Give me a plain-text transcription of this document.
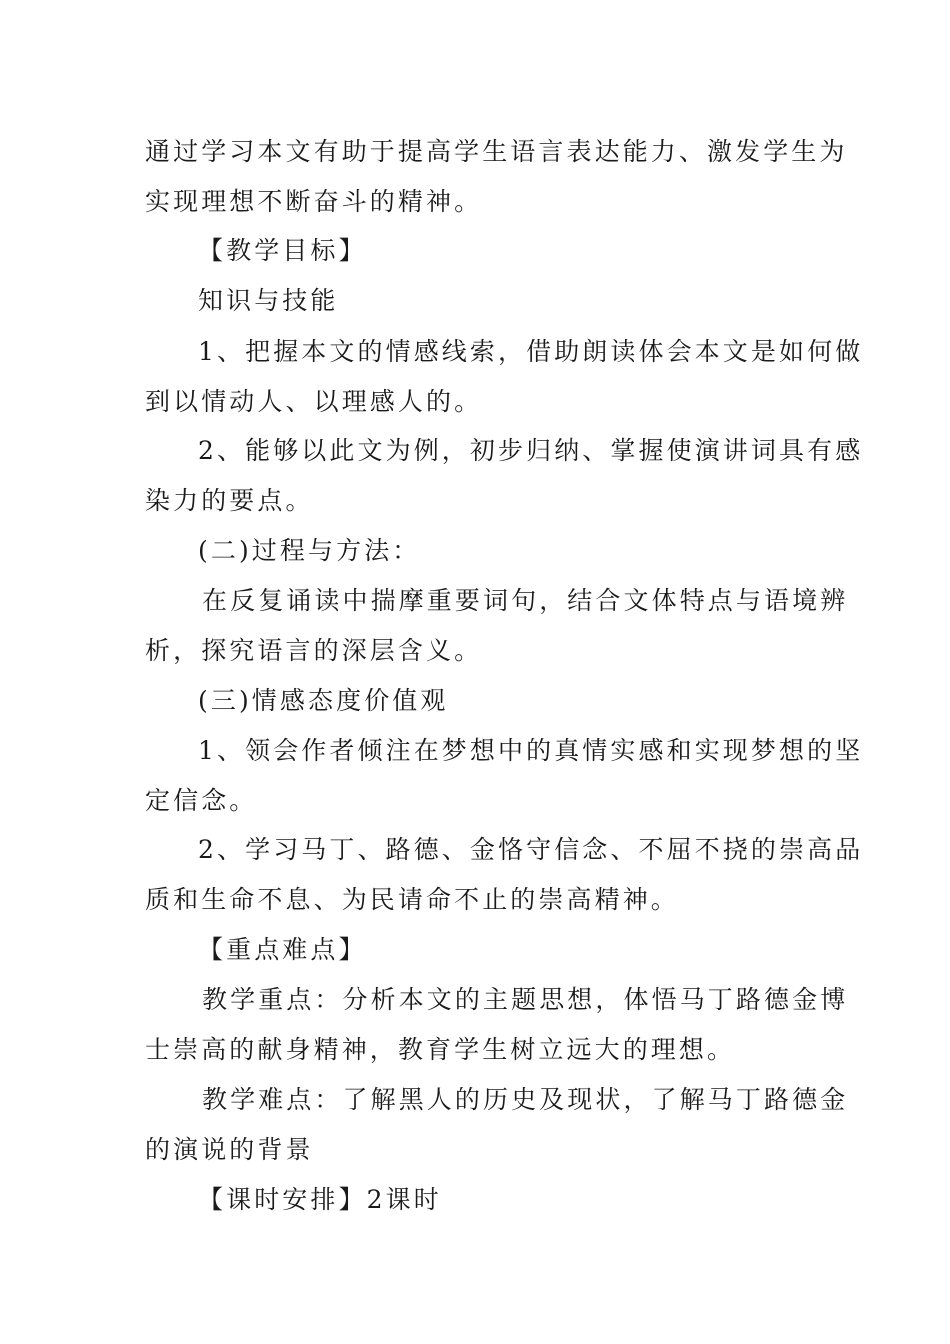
通过学习本文有助于提高学生语言表达能力、激发学生为
实现理想不断奋斗的精神。
【教学目标】
知识与技能
1、把握本文的情感线索，借助朗读体会本文是如何做
到以情动人、以理感人的。
2、能够以此文为例，初步归纳、掌握使演讲词具有感
染力的要点。
(二)过程与方法：
在反复诵读中揣摩重要词句，结合文体特点与语境辨
析，探究语言的深层含义。
(三)情感态度价值观
1、领会作者倾注在梦想中的真情实感和实现梦想的坚
定信念。
2、学习马丁、路德、金恪守信念、不屈不挠的崇高品
质和生命不息、为民请命不止的崇高精神。
【重点难点】
教学重点：分析本文的主题思想，体悟马丁路德金博
士崇高的献身精神，教育学生树立远大的理想。
教学难点：了解黑人的历史及现状，了解马丁路德金
的演说的背景
【课时安排】2课时
